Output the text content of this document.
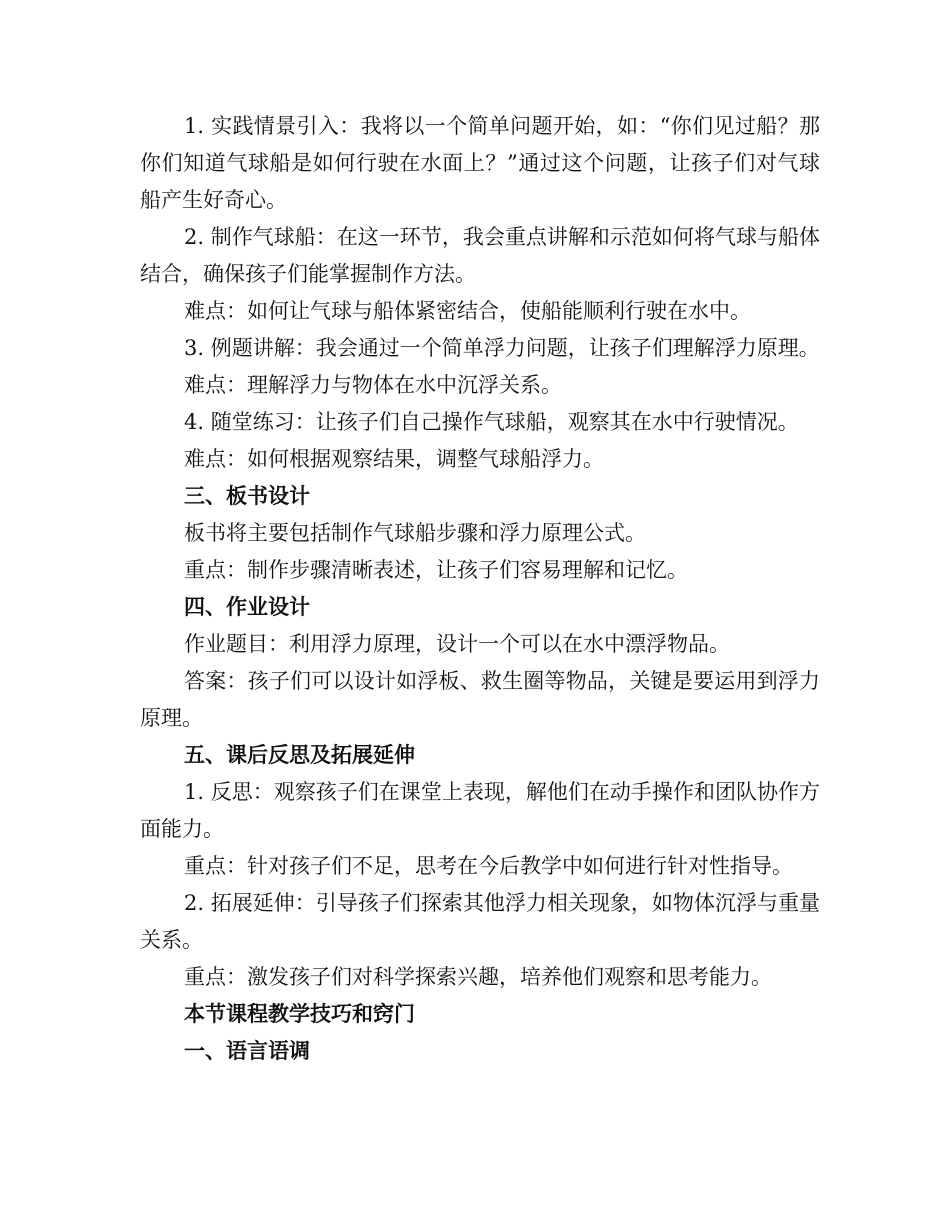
1. 实践情景引入：我将以一个简单问题开始，如：“你们见过船？那你们知道气球船是如何行驶在水面上？”通过这个问题，让孩子们对气球船产生好奇心。

2. 制作气球船：在这一环节，我会重点讲解和示范如何将气球与船体结合，确保孩子们能掌握制作方法。

难点：如何让气球与船体紧密结合，使船能顺利行驶在水中。

3. 例题讲解：我会通过一个简单浮力问题，让孩子们理解浮力原理。

难点：理解浮力与物体在水中沉浮关系。

4. 随堂练习：让孩子们自己操作气球船，观察其在水中行驶情况。

难点：如何根据观察结果，调整气球船浮力。

三、板书设计

板书将主要包括制作气球船步骤和浮力原理公式。

重点：制作步骤清晰表述，让孩子们容易理解和记忆。

四、作业设计

作业题目：利用浮力原理，设计一个可以在水中漂浮物品。

答案：孩子们可以设计如浮板、救生圈等物品，关键是要运用到浮力原理。

五、课后反思及拓展延伸

1. 反思：观察孩子们在课堂上表现，解他们在动手操作和团队协作方面能力。

重点：针对孩子们不足，思考在今后教学中如何进行针对性指导。

2. 拓展延伸：引导孩子们探索其他浮力相关现象，如物体沉浮与重量关系。

重点：激发孩子们对科学探索兴趣，培养他们观察和思考能力。

本节课程教学技巧和窍门

一、语言语调
